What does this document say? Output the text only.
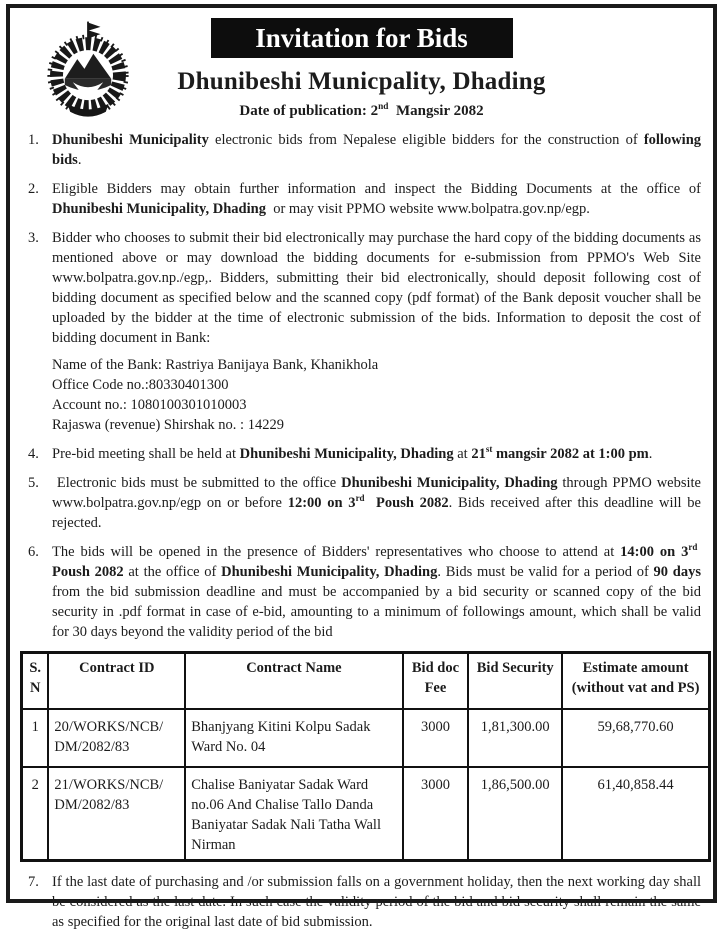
Invitation for Bids
Dhunibeshi Municpality, Dhading
Date of publication: 2nd  Mangsir 2082
1. Dhunibeshi Municipality electronic bids from Nepalese eligible bidders for the construction of following bids.
2. Eligible Bidders may obtain further information and inspect the Bidding Documents at the office of Dhunibeshi Municipality, Dhading  or may visit PPMO website www.bolpatra.gov.np/egp.
3. Bidder who chooses to submit their bid electronically may purchase the hard copy of the bidding documents as mentioned above or may download the bidding documents for e-submission from PPMO's Web Site www.bolpatra.gov.np./egp,. Bidders, submitting their bid electronically, should deposit following cost of bidding document as specified below and the scanned copy (pdf format) of the Bank deposit voucher shall be uploaded by the bidder at the time of electronic submission of the bids. Information to deposit the cost of bidding document in Bank:
Name of the Bank: Rastriya Banijaya Bank, Khanikhola
Office Code no.:80330401300
Account no.: 1080100301010003
Rajaswa (revenue) Shirshak no. : 14229
4. Pre-bid meeting shall be held at Dhunibeshi Municipality, Dhading at 21st mangsir 2082 at 1:00 pm.
5. Electronic bids must be submitted to the office Dhunibeshi Municipality, Dhading through PPMO website www.bolpatra.gov.np/egp on or before 12:00 on 3rd  Poush 2082. Bids received after this deadline will be rejected.
6. The bids will be opened in the presence of Bidders' representatives who choose to attend at 14:00 on 3rd  Poush 2082 at the office of Dhunibeshi Municipality, Dhading. Bids must be valid for a period of 90 days from the bid submission deadline and must be accompanied by a bid security or scanned copy of the bid security in .pdf format in case of e-bid, amounting to a minimum of followings amount, which shall be valid for 30 days beyond the validity period of the bid
S. N	Contract ID	Contract Name	Bid doc Fee	Bid Security	Estimate amount (without vat and PS)
1	20/WORKS/NCB/ DM/2082/83	Bhanjyang Kitini Kolpu Sadak Ward No. 04	3000	1,81,300.00	59,68,770.60
2	21/WORKS/NCB/ DM/2082/83	Chalise Baniyatar Sadak Ward no.06 And Chalise Tallo Danda Baniyatar Sadak Nali Tatha Wall Nirman	3000	1,86,500.00	61,40,858.44
7. If the last date of purchasing and /or submission falls on a government holiday, then the next working day shall be considered as the last date. In such case the validity period of the bid and bid security shall remain the same as specified for the original last date of bid submission.
